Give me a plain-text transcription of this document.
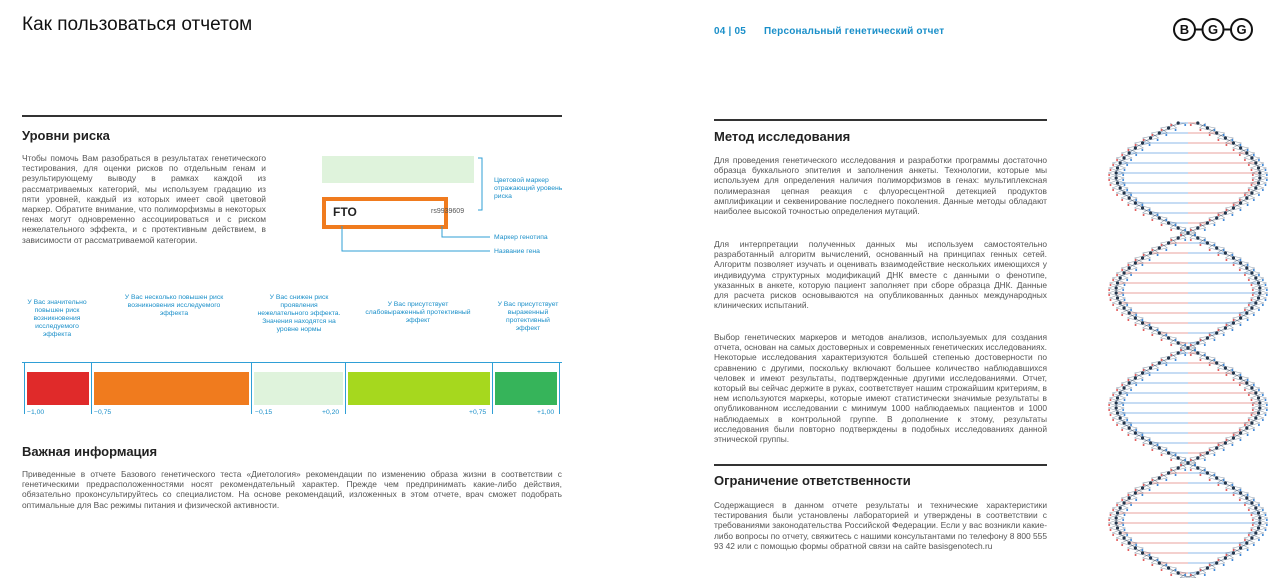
Как пользоваться отчетом
Уровни риска
Чтобы помочь Вам разобраться в результатах генетического тестирования, для оценки рисков по отдельным генам и результирующему выводу в рамках каждой из рассматриваемых категорий, мы используем градацию из пяти уровней, каждый из которых имеет свой цветовой маркер. Обратите внимание, что полиморфизмы в некоторых генах могут одновременно ассоциироваться и с риском нежелательного эффекта, и с протективным действием, в зависимости от рассматриваемой категории.
FTO	rs9939609
Цветовой маркер отражающий уровень риска
Маркер генотипа
Название гена
У Вас значительно повышен риск возникновения исследуемого эффекта
У Вас несколько повышен риск возникновения исследуемого эффекта
У Вас снижен риск проявления нежелательного эффекта. Значения находятся на уровне нормы
У Вас присутствует слабовыраженный протективный эффект
У Вас присутствует выраженный протективный эффект
−1,00	−0,75	−0,15	+0,20	+0,75	+1,00
Важная информация
Приведенные в отчете Базового генетического теста «Диетология» рекомендации по изменению образа жизни в соответствии с генетическими предрасположенностями носят рекомендательный характер. Прежде чем предпринимать какие-либо действия, обязательно проконсультируйтесь со специалистом. На основе рекомендаций, изложенных в этом отчете, врач сможет подобрать оптимальные для Вас режимы питания и физической активности.
04 | 05 Персональный генетический отчет	B G G
Метод исследования
Для проведения генетического исследования и разработки программы достаточно образца буккального эпителия и заполнения анкеты. Технологии, которые мы используем для определения наличия полиморфизмов в генах: мультиплексная полимеразная цепная реакция с флуоресцентной детекцией продуктов амплификации и секвенирование последнего поколения. Данные методы обладают наиболее высокой точностью определения мутаций.
Для интерпретации полученных данных мы используем самостоятельно разработанный алгоритм вычислений, основанный на принципах генных сетей. Алгоритм позволяет изучать и оценивать взаимодействие нескольких имеющихся у индивидуума структурных модификаций ДНК вместе с данными о фенотипе, указанных в анкете, которую пациент заполняет при сборе образца ДНК. Данные для расчета рисков основываются на опубликованных данных международных клинических испытаний.
Выбор генетических маркеров и методов анализов, используемых для создания отчета, основан на самых достоверных и современных генетических исследованиях. Некоторые исследования характеризуются большей степенью достоверности по сравнению с другими, поскольку включают большее количество наблюдавшихся человек и имеют результаты, подтвержденные другими исследованиями. Отчет, который вы сейчас держите в руках, соответствует нашим строжайшим критериям, в нем используются маркеры, которые имеют статистически значимые результаты в опубликованном исследовании с минимум 1000 наблюдаемых пациентов и 1000 наблюдаемых в контрольной группе. В дополнение к этому, результаты исследования были повторно подтверждены в подобных исследованиях данной этнической группы.
Ограничение ответственности
Содержащиеся в данном отчете результаты и технические характеристики тестирования были установлены лабораторией и утверждены в соответствии с требованиями законодательства Российской Федерации. Если у вас возникли какие-либо вопросы по отчету, свяжитесь с нашими консультантами по телефону 8 800 555 93 42 или с помощью формы обратной связи на сайте basisgenotech.ru
